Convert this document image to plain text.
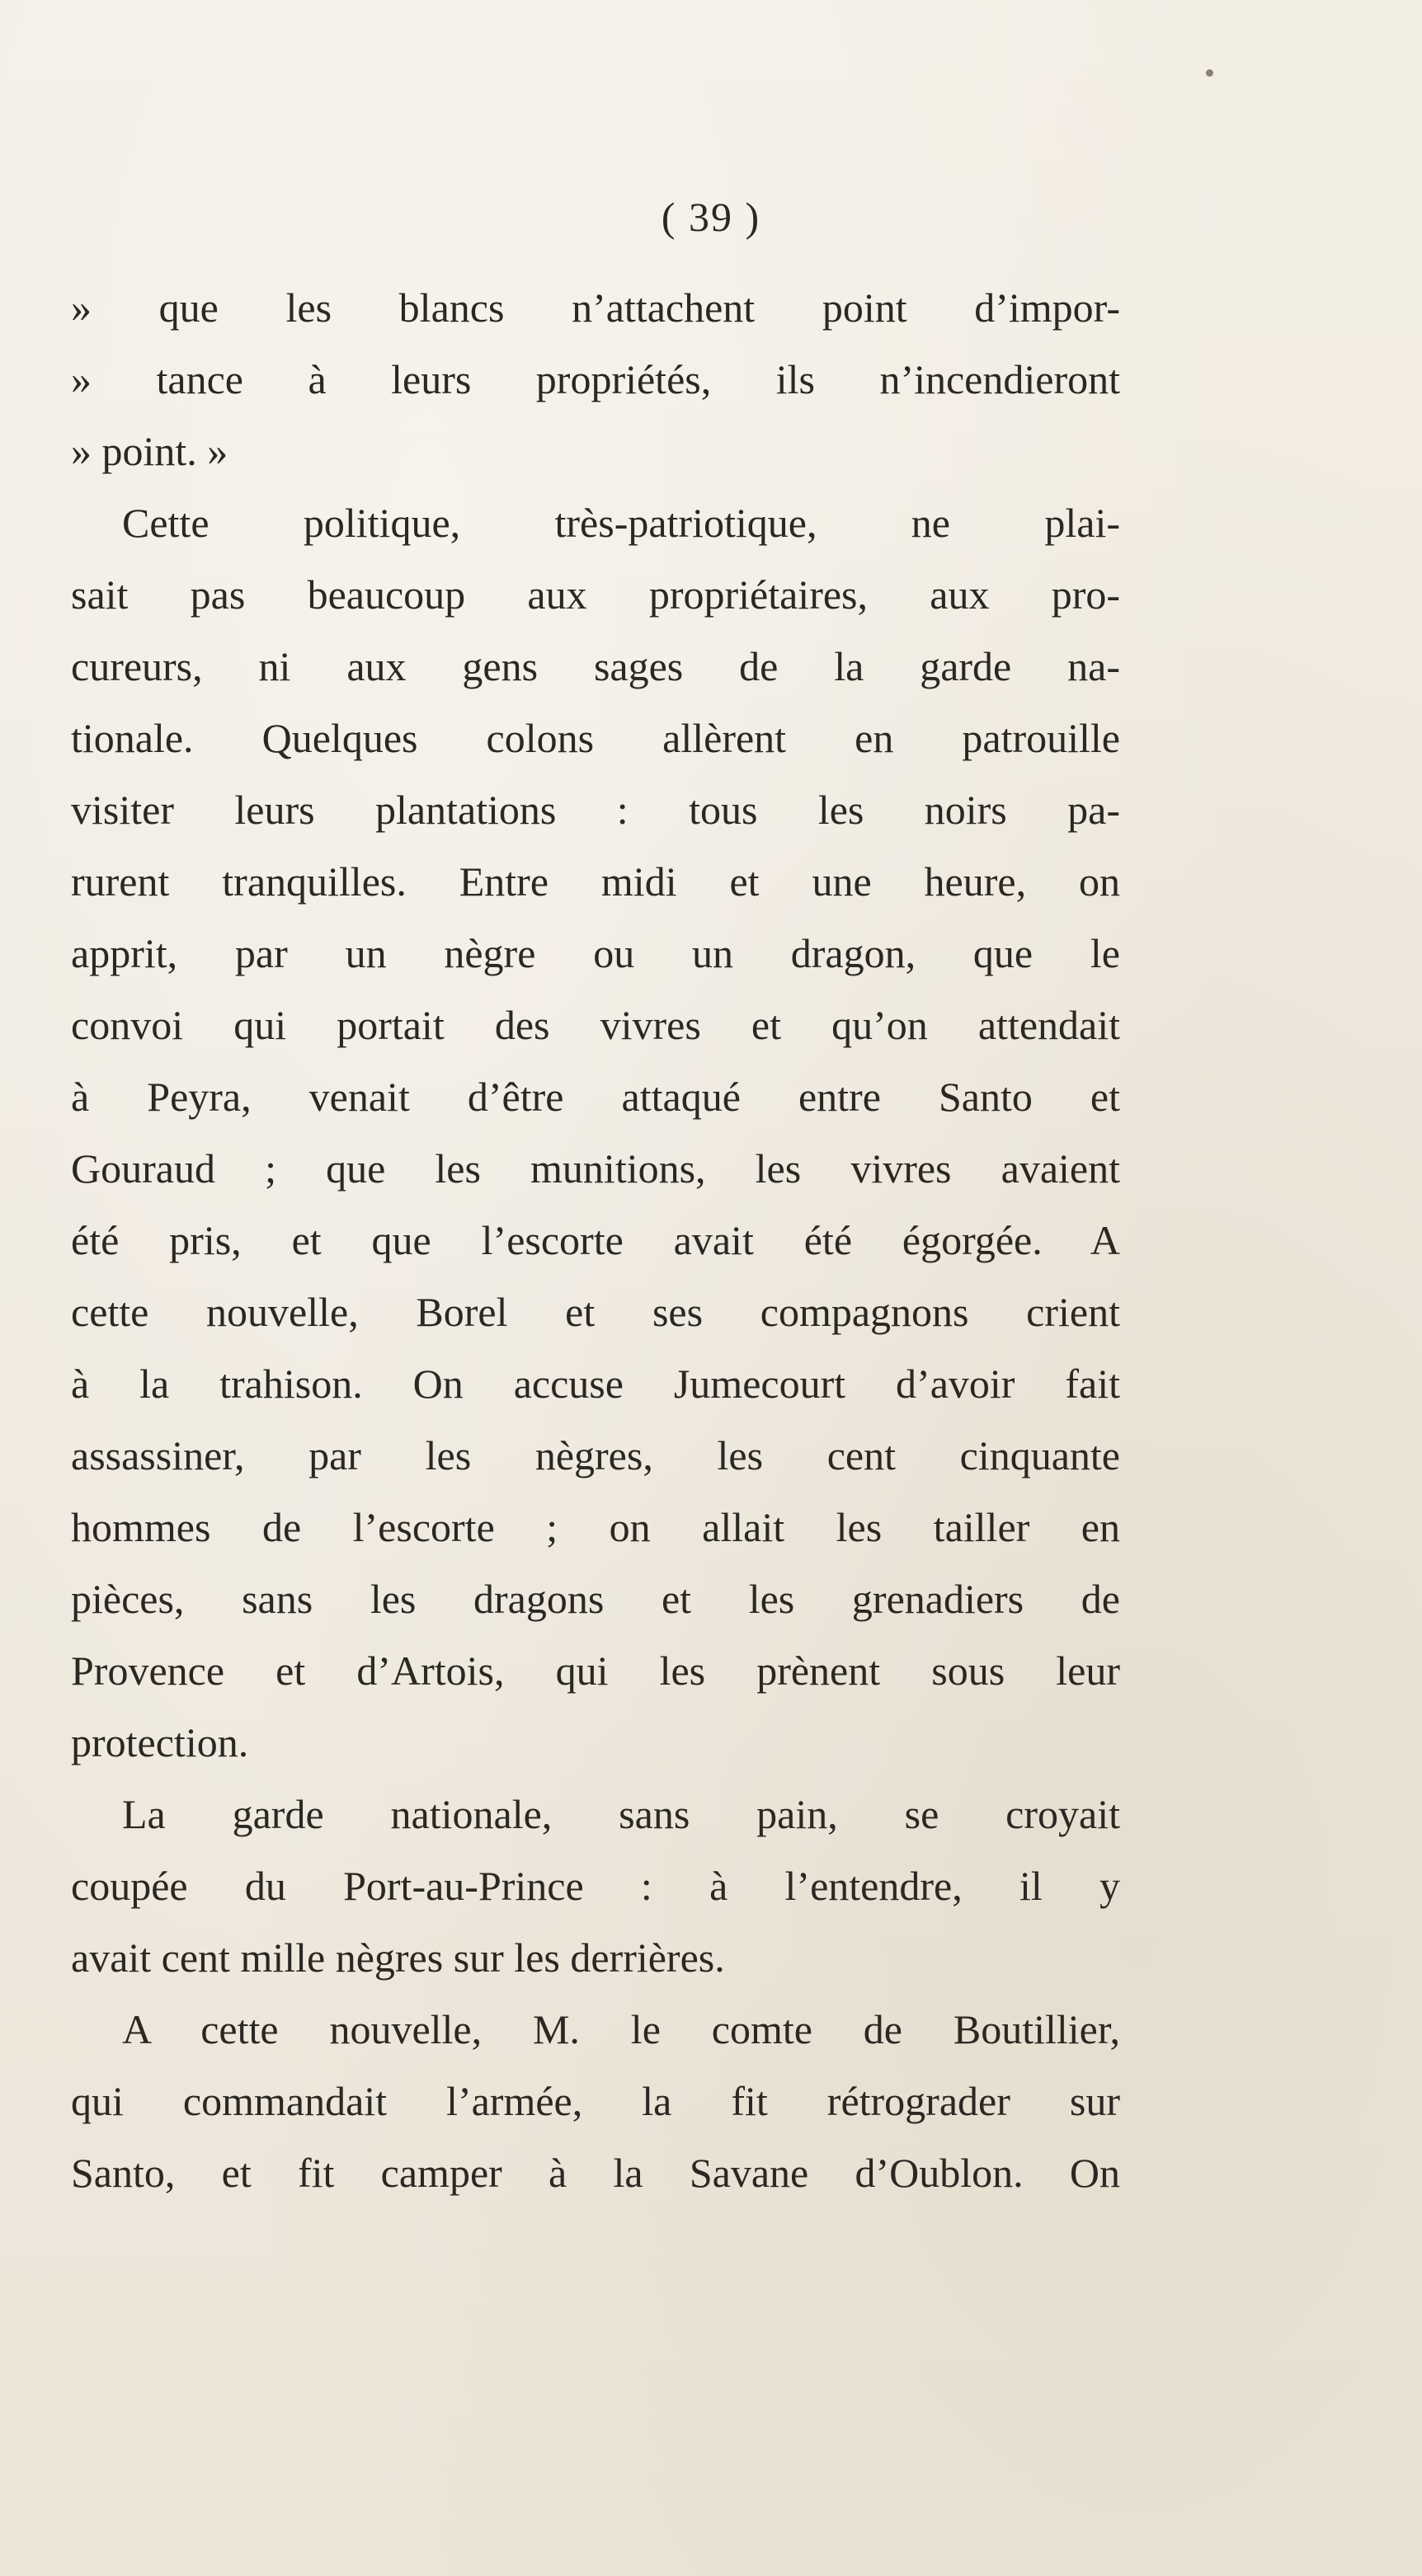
( 39 )
» que les blancs n’attachent point d’impor-
» tance à leurs propriétés, ils n’incendieront
» point. »
Cette politique, très-patriotique, ne plai-
sait pas beaucoup aux propriétaires, aux pro-
cureurs, ni aux gens sages de la garde na-
tionale. Quelques colons allèrent en patrouille
visiter leurs plantations : tous les noirs pa-
rurent tranquilles. Entre midi et une heure, on
apprit, par un nègre ou un dragon, que le
convoi qui portait des vivres et qu’on attendait
à Peyra, venait d’être attaqué entre Santo et
Gouraud ; que les munitions, les vivres avaient
été pris, et que l’escorte avait été égorgée. A
cette nouvelle, Borel et ses compagnons crient
à la trahison. On accuse Jumecourt d’avoir fait
assassiner, par les nègres, les cent cinquante
hommes de l’escorte ; on allait les tailler en
pièces, sans les dragons et les grenadiers de
Provence et d’Artois, qui les prènent sous leur
protection.
La garde nationale, sans pain, se croyait
coupée du Port-au-Prince : à l’entendre, il y
avait cent mille nègres sur les derrières.
A cette nouvelle, M. le comte de Boutillier,
qui commandait l’armée, la fit rétrograder sur
Santo, et fit camper à la Savane d’Oublon. On
